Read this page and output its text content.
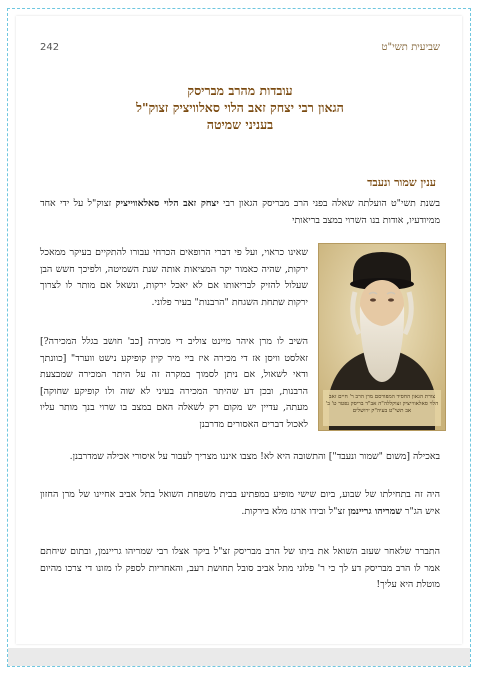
242	שביעית תשי"ט
עובדות מהרב מבריסק
הגאון רבי יצחק זאב הלוי סאלוויציק זצוק"ל
בעניני שמיטה
ענין שמור ונעבד
בשנת תשי"ט הועלתה שאלה בפני הרב מבריסק הגאון רבי יצחק זאב הלוי סאלאווייציק זצוק"ל על ידי אחד ממיודעיו, אודות בנו השרוי במצב בריאותי
שאינו כראוי, ועל פי דברי הרופאים הכרחי עבורו להתקיים בעיקר ממאכל ירקות, שהיה כאמור יקר המציאות אותה שנת השמיטה, ולפיכך חשש הבן שעלול להזיק לבריאותו אם לא יאכל ירקות, ונשאל אם מותר לו לצרוך ירקות שתחת השגחת "הרבנות" בעיר פלוני.
צורת הגאון החסיד המפורסם מרן הרב ר' חיים זאב הלוי סאלאווייציק זצוקללה"ה אב"ד בריסק נפטר ט' ב' אב תשי"ט בעיה"ק ירושלים
השיב לו מרן איהר מיינט צוליב די מכירה [כב' חושב בגלל המכירה?] זאלסט וויסן אז די מכירה איז ביי מיר קיין קופיקע נישט ווערד" [כוונתך ודאי לשאול, אם ניתן לסמוך במקרה זה על היתר המכירה שמבצעת הרבנות, ובכן דע שהיתר המכירה בעיני לא שוה ולו קופיקע שחוקה] מעתה, עדיין יש מקום רק לשאלה האם במצב בו שרוי בנך מותר עליו לאכול דברים האסורים מדרבנן
באכילה [משום "שמור ונעבד"] והתשובה היא לא! מצבו איננו מצריך לעבור על איסורי אכילה שמדרבנן.
היה זה בתחילתו של שבוע, ביום שישי מופיע במפתיע בבית משפחת השואל בתל אביב אחיינו של מרן החזון איש הג"ר שמריהו גריינמן זצ"ל ובידו ארגז מלא בירקות.
התברר שלאחר שעזב השואל את ביתו של הרב מבריסק זצ"ל ביקר אצלו רבי שמריהו גריינמן, ובתום שיחתם אמר לו הרב מבריסק דע לך כי ר' פלוני מתל אביב סובל תחושת רעב, והאחריות לספק לו מזונו די צרכו מהיום מוטלת היא עליך!
